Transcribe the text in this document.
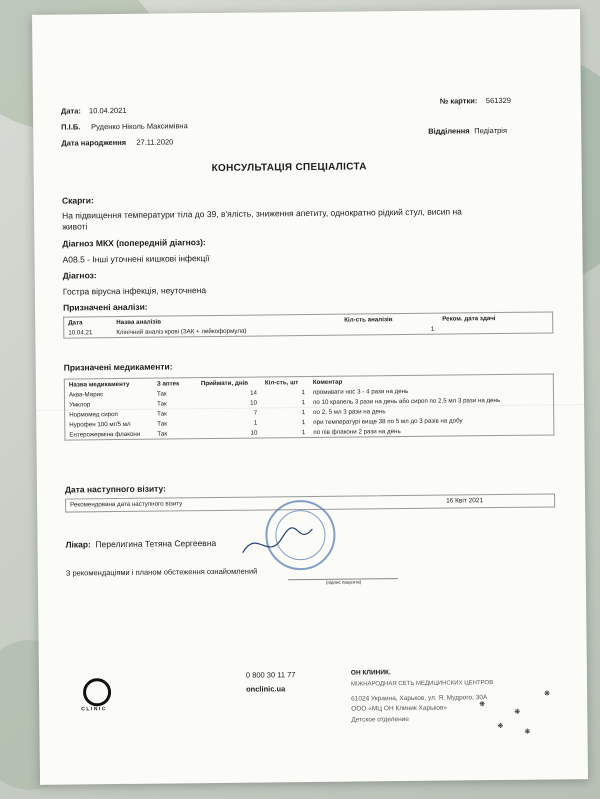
Дата: 10.04.2021
П.І.Б. Руденко Ніколь Максимівна
Дата народження 27.11.2020
№ картки: 561329
Відділення Педіатрія
КОНСУЛЬТАЦІЯ СПЕЦІАЛІСТА
Скарги:
На підвищення температури тіла до 39, в'ялість, зниження апетиту, однократно рідкий стул, висип на
животі
Діагноз МКХ (попередній діагноз):
A08.5 - Інші уточнені кишкові інфекції
Діагноз:
Гостра вірусна інфекція, неуточнена
Призначені аналізи:
Дата	Назва аналізів	Кіл-сть аналізів	Реком. дата здачі
10.04.21	Клінічний аналіз крові (ЗАК + лейкоформула)	1	
Призначені медикаменти:
Назва медикаменту	З аптек	Приймати, днів	Кіл-сть, шт	Коментар
Аква-Марис	Так	14	1	промивати нос 3 - 4 рази на день
Умклор	Так	10	1	по 10 крапель 3 рази на день або сироп по 2,5 мл 3 рази на день
Нормомед сироп	Так	7	1	по 2, 5 мл 3 рази на день
Нурофен 100 мг/5 мл	Так	1	1	при температурі вище 38 по 5 мл до 3 разів на добу
Ентерожерміна флакони	Так	10	1	по пів флакони 2 рази на день
Дата наступного візиту:
Рекомендована дата наступного візиту	16 Квіт 2021
Лікар: Перелигина Тетяна Сергеевна
З рекомендаціями і планом обстеження ознайомлений
(підпис пацієнта)
CLINIC
0 800 30 11 77
onclinic.ua
ОН КЛИНИК.
МІЖНАРОДНАЯ СЕТЬ МЕДИЦИНСКИХ ЦЕНТРОВ
61024 Украина, Харьков, ул. Я. Мудрого, 30А
ООО «МЦ ОН Клиник Харьков»
Детское отделение
❋
❋
❋
❋
❋
